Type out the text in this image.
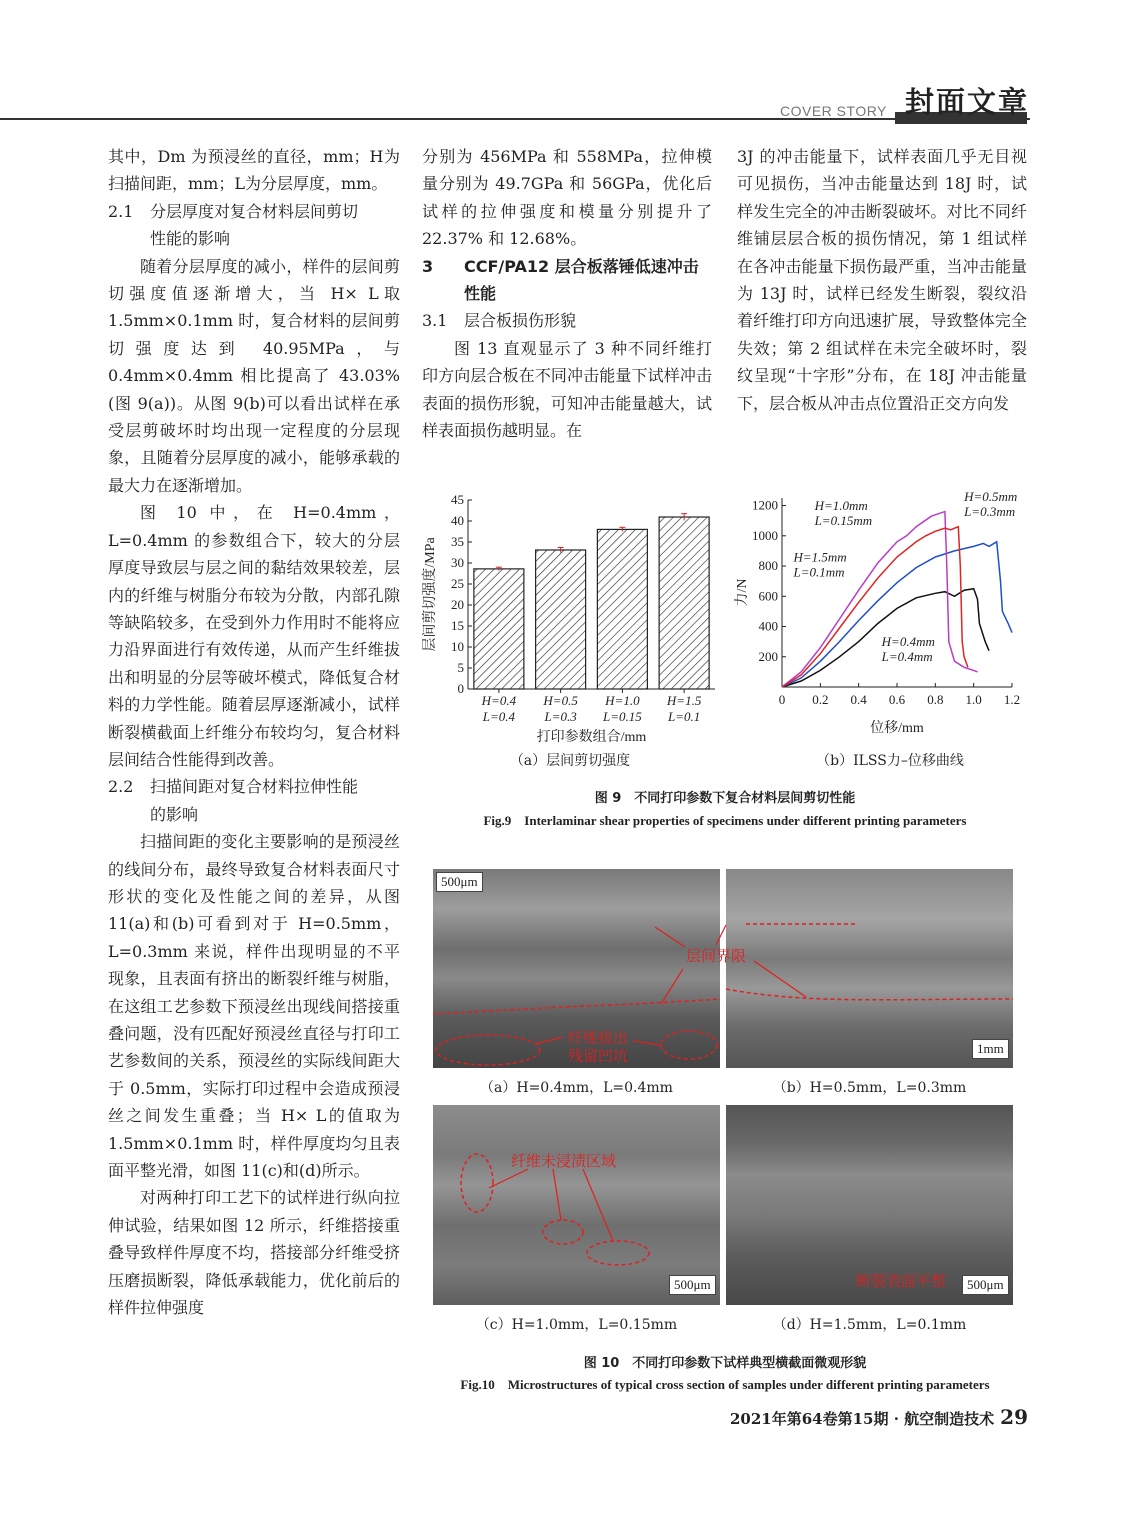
COVER STORY 封面文章

其中，Dm 为预浸丝的直径，mm；H为扫描间距，mm；L为分层厚度，mm。

2.1 分层厚度对复合材料层间剪切
性能的影响

随着分层厚度的减小，样件的层间剪切强度值逐渐增大，当 H× L取 1.5mm×0.1mm 时，复合材料的层间剪切强度达到 40.95MPa，与 0.4mm×0.4mm 相比提高了 43.03%(图 9(a))。从图 9(b)可以看出试样在承受层剪破坏时均出现一定程度的分层现象，且随着分层厚度的减小，能够承载的最大力在逐渐增加。

图 10 中，在 H=0.4mm，L=0.4mm 的参数组合下，较大的分层厚度导致层与层之间的黏结效果较差，层内的纤维与树脂分布较为分散，内部孔隙等缺陷较多，在受到外力作用时不能将应力沿界面进行有效传递，从而产生纤维拔出和明显的分层等破坏模式，降低复合材料的力学性能。随着层厚逐渐减小，试样断裂横截面上纤维分布较均匀，复合材料层间结合性能得到改善。

2.2 扫描间距对复合材料拉伸性能
的影响

扫描间距的变化主要影响的是预浸丝的线间分布，最终导致复合材料表面尺寸形状的变化及性能之间的差异，从图 11(a)和(b)可看到对于 H=0.5mm，L=0.3mm 来说，样件出现明显的不平现象，且表面有挤出的断裂纤维与树脂，在这组工艺参数下预浸丝出现线间搭接重叠问题，没有匹配好预浸丝直径与打印工艺参数间的关系，预浸丝的实际线间距大于 0.5mm，实际打印过程中会造成预浸丝之间发生重叠；当 H× L的值取为 1.5mm×0.1mm 时，样件厚度均匀且表面平整光滑，如图 11(c)和(d)所示。

对两种打印工艺下的试样进行纵向拉伸试验，结果如图 12 所示，纤维搭接重叠导致样件厚度不均，搭接部分纤维受挤压磨损断裂，降低承载能力，优化前后的样件拉伸强度

分别为 456MPa 和 558MPa，拉伸模量分别为 49.7GPa 和 56GPa，优化后试样的拉伸强度和模量分别提升了 22.37% 和 12.68%。

3 CCF/PA12 层合板落锤低速冲击
性能
3.1 层合板损伤形貌

图 13 直观显示了 3 种不同纤维打印方向层合板在不同冲击能量下试样冲击表面的损伤形貌，可知冲击能量越大，试样表面损伤越明显。在

3J 的冲击能量下，试样表面几乎无目视可见损伤，当冲击能量达到 18J 时，试样发生完全的冲击断裂破坏。对比不同纤维铺层层合板的损伤情况，第 1 组试样在各冲击能量下损伤最严重，当冲击能量为 13J 时，试样已经发生断裂，裂纹沿着纤维打印方向迅速扩展，导致整体完全失效；第 2 组试样在未完全破坏时，裂纹呈现“十字形”分布，在 18J 冲击能量下，层合板从冲击点位置沿正交方向发

0
5
10
15
20
25
30
35
40
45
H=0.4
L=0.4
H=0.5
L=0.3
H=1.0
L=0.15
H=1.5
L=0.1
打印参数组合/mm
层间剪切强度/MPa
200
400
600
800
1000
1200
0 0.2 0.4 0.6 0.8 1.0 1.2
H=0.4mm
L=0.4mm
H=0.5mm
L=0.3mm
H=1.0mm
L=0.15mm
H=1.5mm
L=0.1mm
位移/mm
力/N
（a）层间剪切强度	（b）ILSS力–位移曲线
图 9　不同打印参数下复合材料层间剪切性能
Fig.9　Interlaminar shear properties of specimens under different printing parameters
500μm
纤维拔出
残留凹坑
层间界限
1mm
（a）H=0.4mm，L=0.4mm	（b）H=0.5mm，L=0.3mm
纤维未浸渍区域
500μm	断裂表面平整	500μm
（c）H=1.0mm，L=0.15mm	（d）H=1.5mm，L=0.1mm
图 10　不同打印参数下试样典型横截面微观形貌
Fig.10　Microstructures of typical cross section of samples under different printing parameters
2021年第64卷第15期 · 航空制造技术 29
